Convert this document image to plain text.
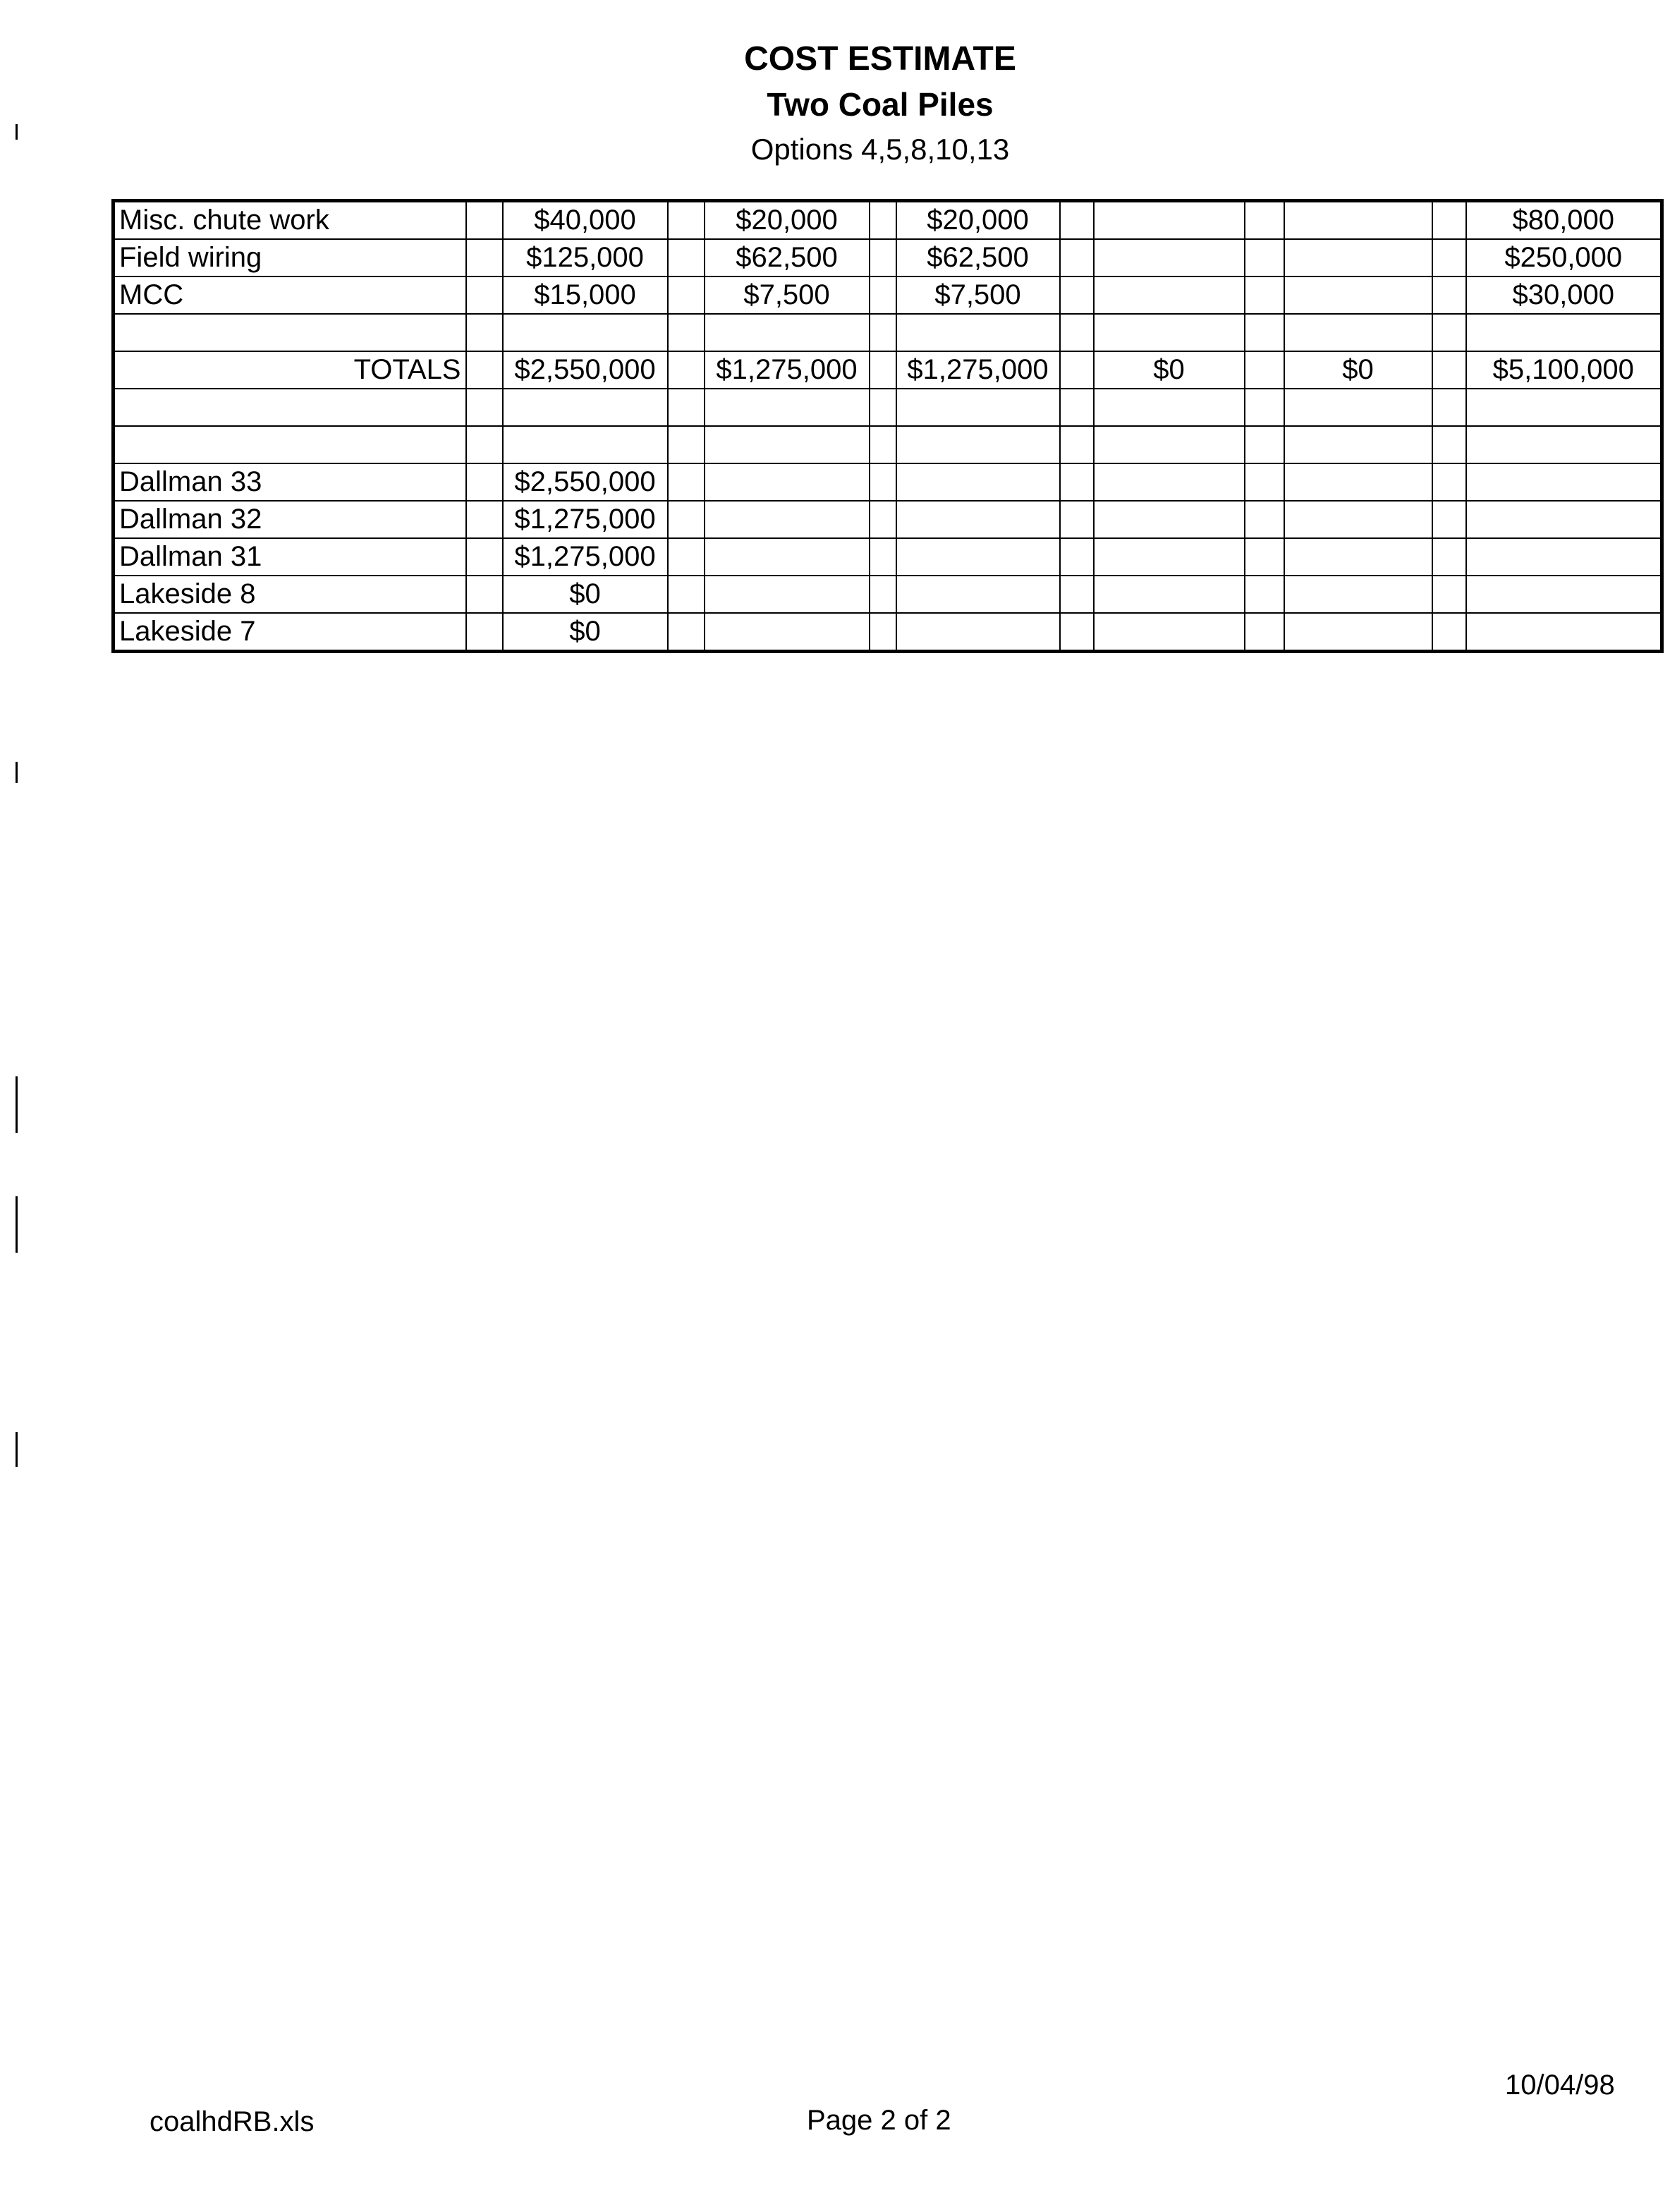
COST ESTIMATE
Two Coal Piles
Options 4,5,8,10,13
Misc. chute work		$40,000		$20,000		$20,000						$80,000
Field wiring		$125,000		$62,500		$62,500						$250,000
MCC		$15,000		$7,500		$7,500						$30,000

TOTALS		$2,550,000		$1,275,000		$1,275,000		$0		$0		$5,100,000

Dallman 33		$2,550,000										
Dallman 32		$1,275,000										
Dallman 31		$1,275,000										
Lakeside 8		$0										
Lakeside 7		$0										
coalhdRB.xls	Page 2 of 2
10/04/98
